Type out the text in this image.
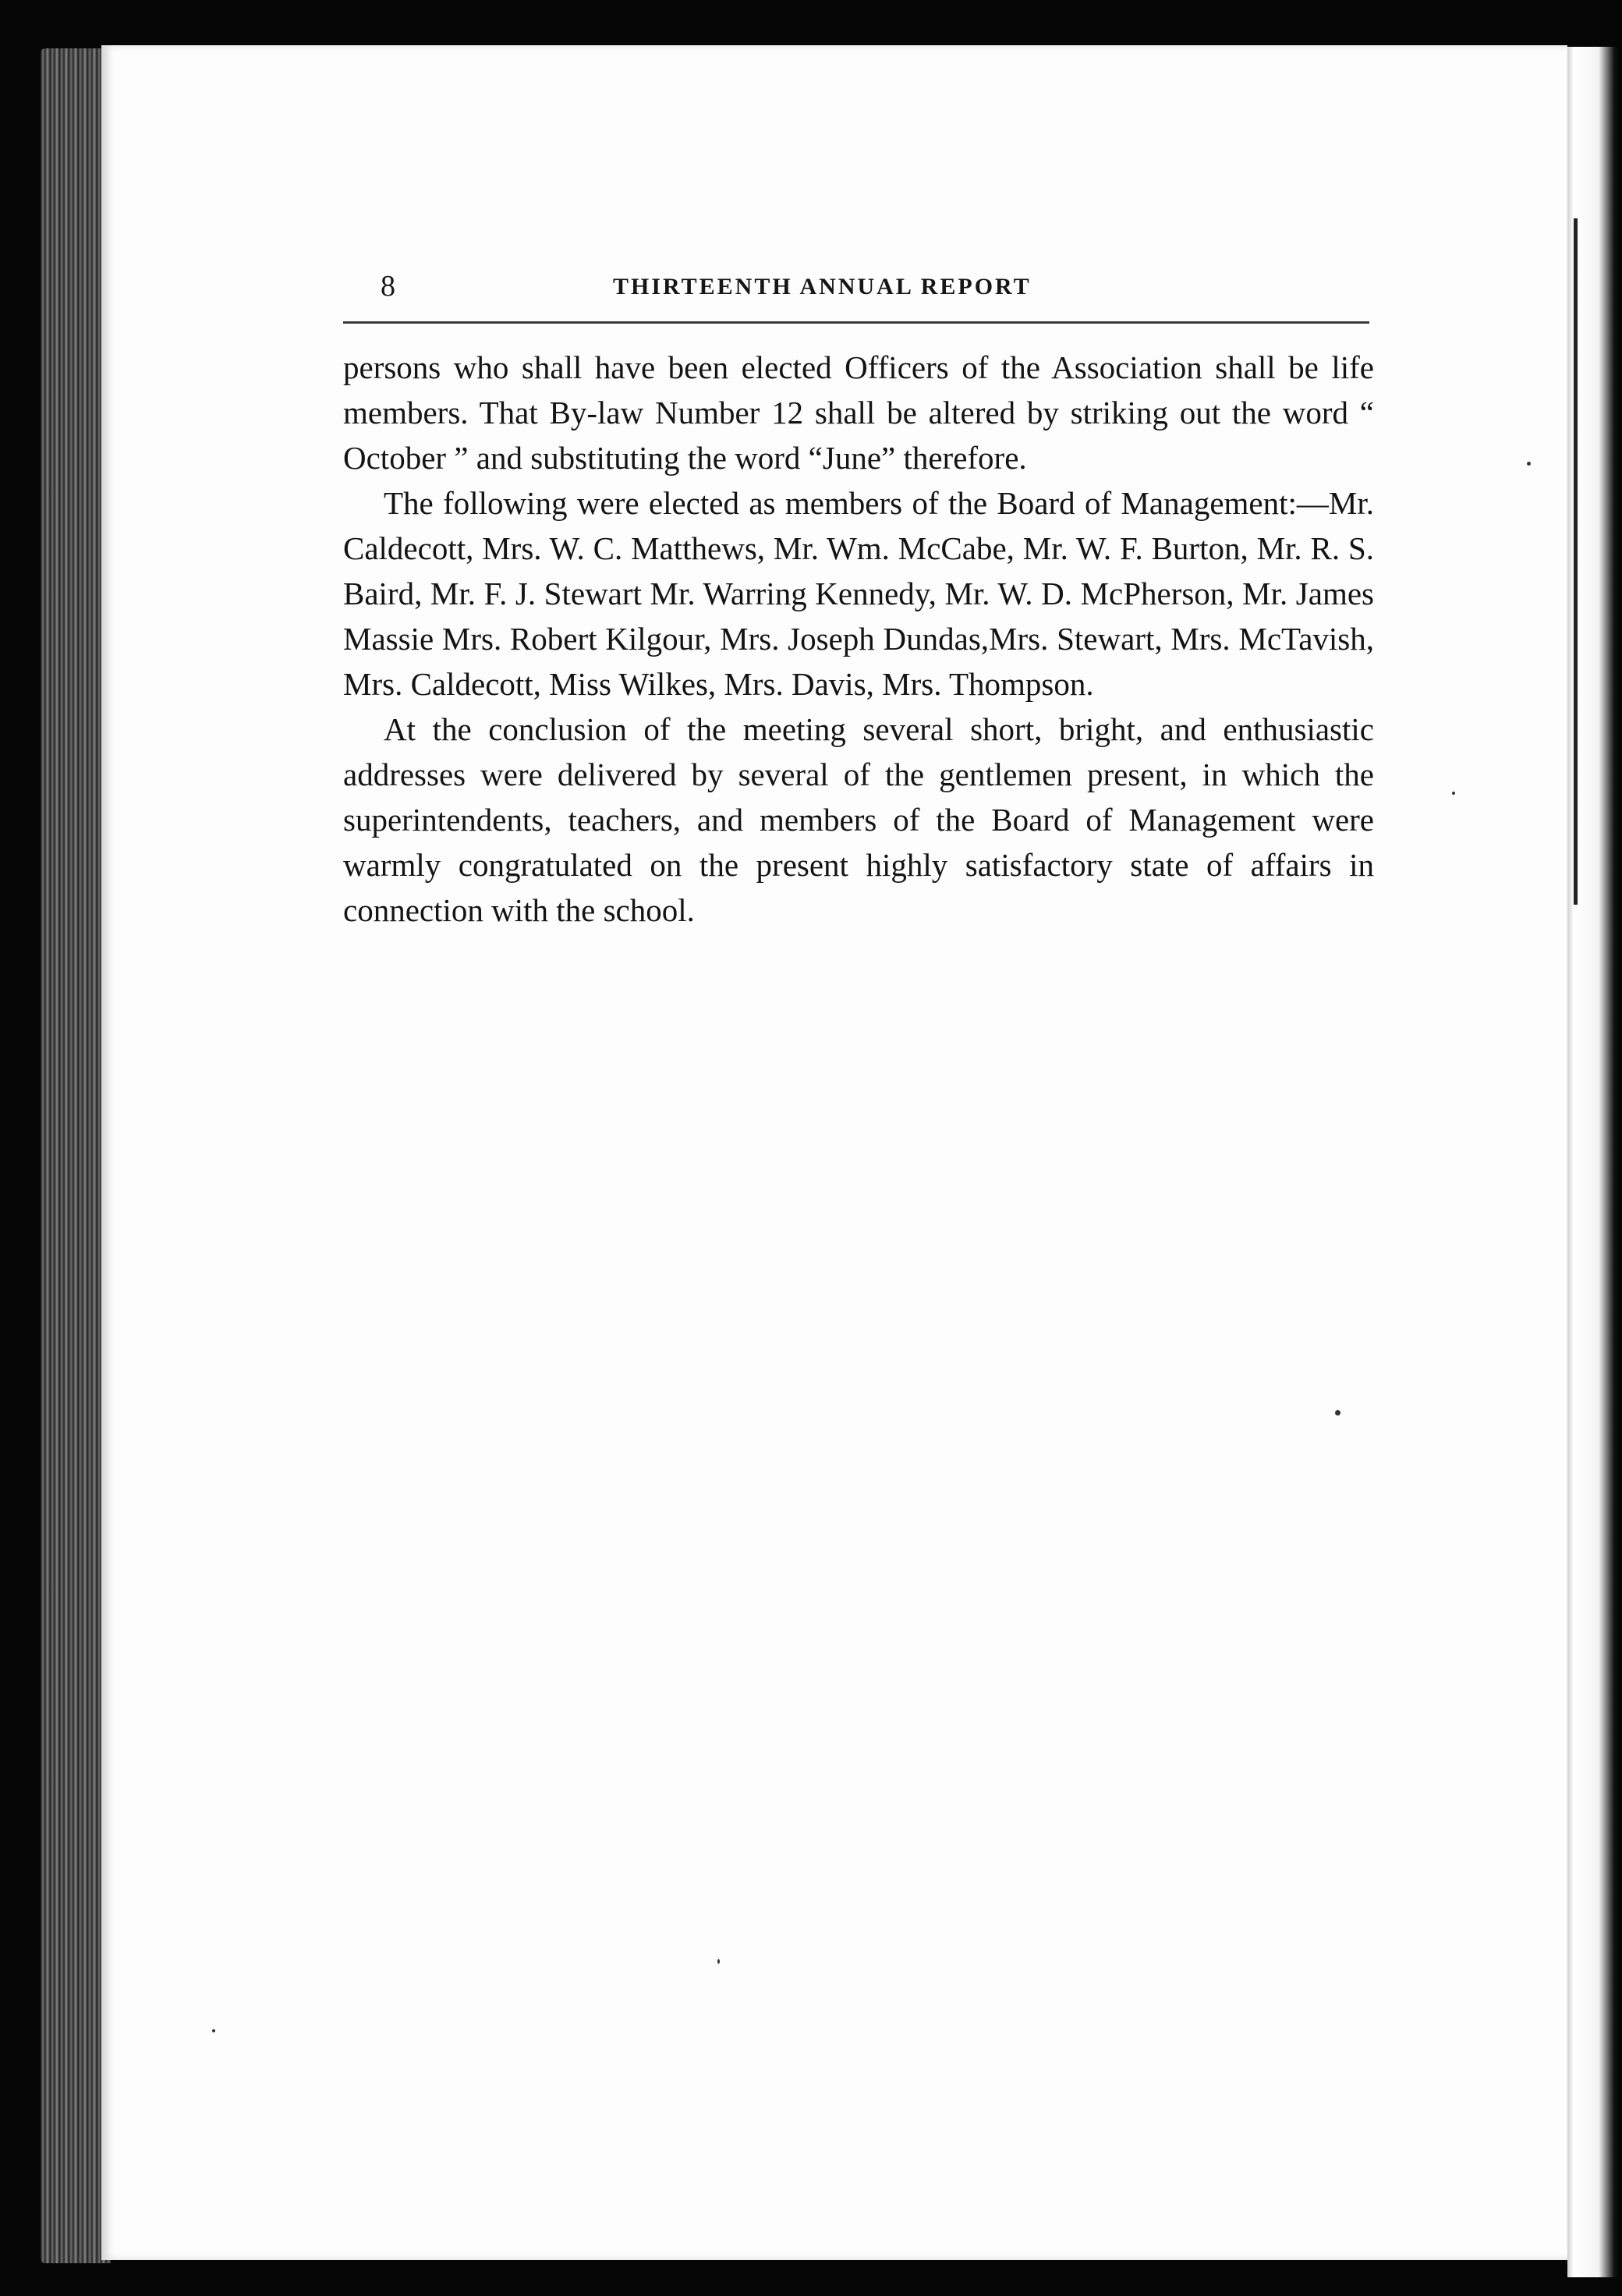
8	THIRTEENTH ANNUAL REPORT

persons who shall have been elected Officers of the Association shall be life members. That By-law Number 12 shall be altered by striking out the word “ October ” and substituting the word “June” therefore.

The following were elected as members of the Board of Management:—Mr. Caldecott, Mrs. W. C. Matthews, Mr. Wm. McCabe, Mr. W. F. Burton, Mr. R. S. Baird, Mr. F. J. Stewart Mr. Warring Kennedy, Mr. W. D. McPherson, Mr. James Massie Mrs. Robert Kilgour, Mrs. Joseph Dundas,Mrs. Stewart, Mrs. McTavish, Mrs. Caldecott, Miss Wilkes, Mrs. Davis, Mrs. Thompson.

At the conclusion of the meeting several short, bright, and enthusiastic addresses were delivered by several of the gentlemen present, in which the superintendents, teachers, and members of the Board of Management were warmly congratulated on the present highly satisfactory state of affairs in connection with the school.
